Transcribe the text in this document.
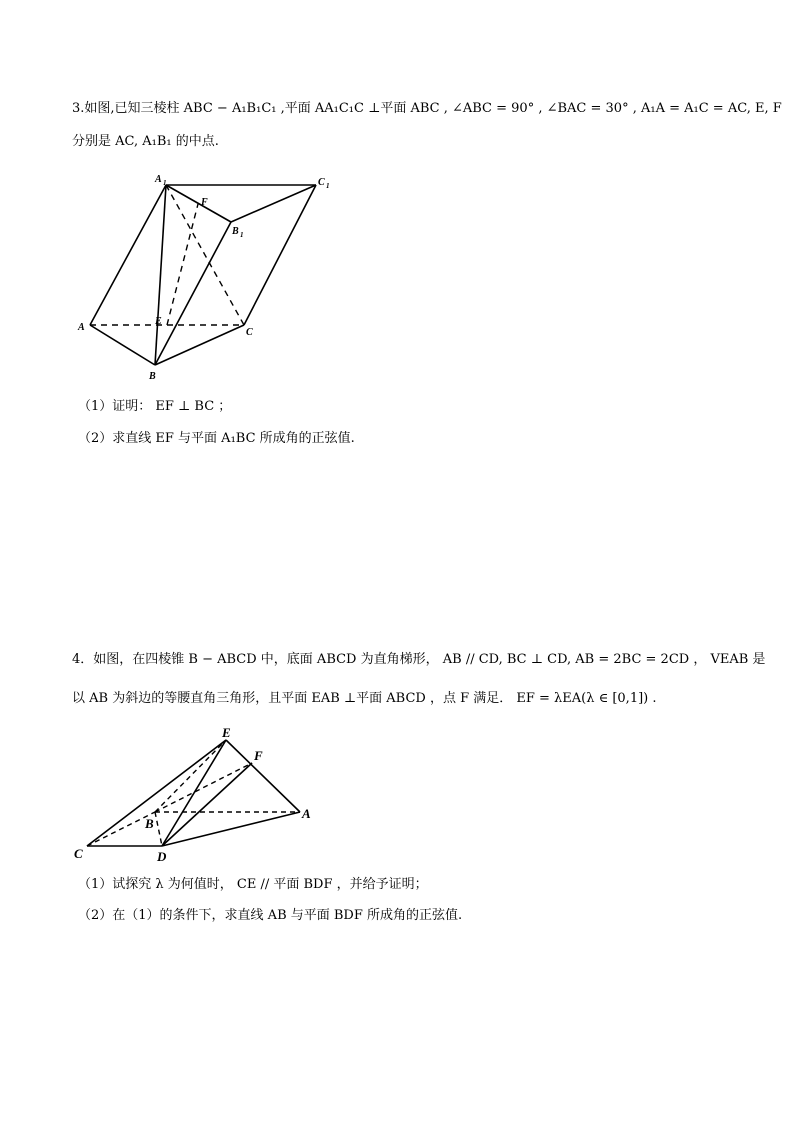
3.如图,已知三棱柱 ABC − A₁B₁C₁ ,平面 AA₁C₁C ⊥平面 ABC , ∠ABC = 90° , ∠BAC = 30° , A₁A = A₁C = AC, E, F
分别是 AC, A₁B₁ 的中点.
A 1	C 1
B 1
F
A
E
C
B
（1）证明： EF ⊥ BC ；
（2）求直线 EF 与平面 A₁BC 所成角的正弦值.
4．如图，在四棱锥 B − ABCD 中，底面 ABCD 为直角梯形， AB // CD, BC ⊥ CD, AB = 2BC = 2CD ， VEAB 是
以 AB 为斜边的等腰直角三角形，且平面 EAB ⊥平面 ABCD ，点 F 满足． EF = λEA(λ ∈ [0,1]) .
E
F
A
B
C	D
（1）试探究 λ 为何值时， CE // 平面 BDF ，并给予证明；
（2）在（1）的条件下，求直线 AB 与平面 BDF 所成角的正弦值.
